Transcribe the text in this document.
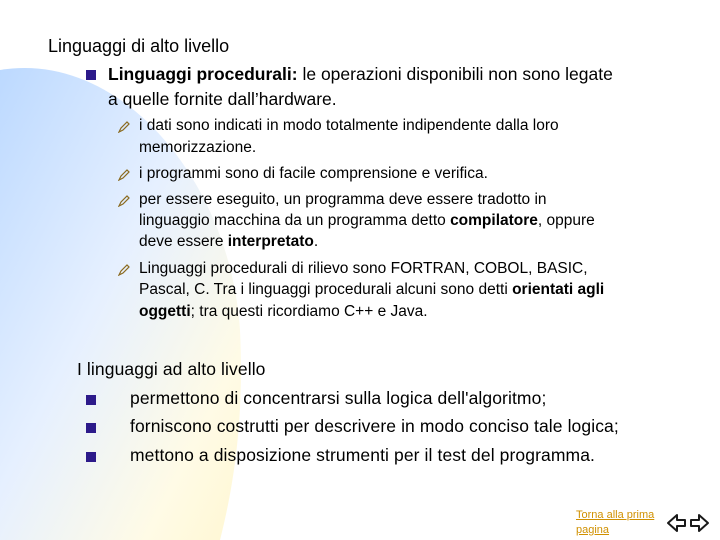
Linguaggi di alto livello
Linguaggi procedurali: le operazioni disponibili non sono legate
a quelle fornite dall’hardware.
i dati sono indicati in modo totalmente indipendente dalla loro
memorizzazione.
i programmi sono di facile comprensione e verifica.
per essere eseguito, un programma deve essere tradotto in
linguaggio macchina da un programma detto compilatore, oppure
deve essere interpretato.
Linguaggi procedurali di rilievo sono FORTRAN, COBOL, BASIC,
Pascal, C. Tra i linguaggi procedurali alcuni sono detti orientati agli
oggetti; tra questi ricordiamo C++ e Java.
I linguaggi ad alto livello
permettono di concentrarsi sulla logica dell'algoritmo;
forniscono costrutti per descrivere in modo conciso tale logica;
mettono a disposizione strumenti per il test del programma.
Torna alla prima
pagina
